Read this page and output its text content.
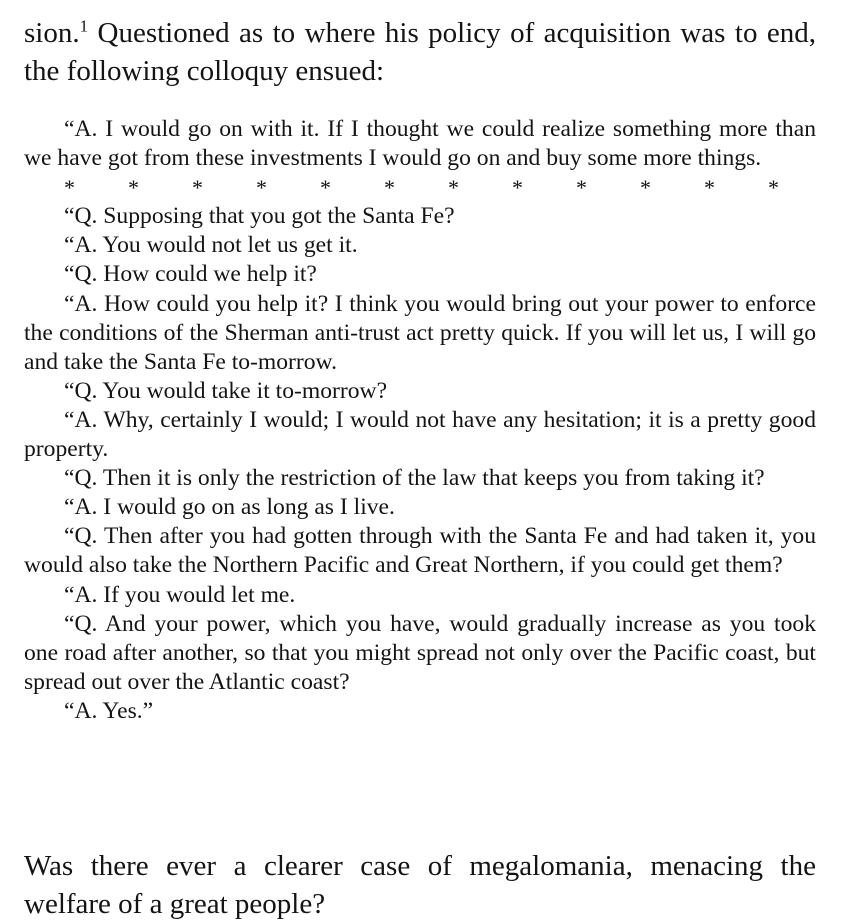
sion.$^1$ Questioned as to where his policy of acquisition was to end, the following colloquy ensued:

“A. I would go on with it. If I thought we could realize something more than we have got from these investments I would go on and buy some more things.

* * * * * * * * * * * *

“Q. Supposing that you got the Santa Fe?

“A. You would not let us get it.

“Q. How could we help it?

“A. How could you help it? I think you would bring out your power to enforce the conditions of the Sherman anti-trust act pretty quick. If you will let us, I will go and take the Santa Fe to-morrow.

“Q. You would take it to-morrow?

“A. Why, certainly I would; I would not have any hesitation; it is a pretty good property.

“Q. Then it is only the restriction of the law that keeps you from taking it?

“A. I would go on as long as I live.

“Q. Then after you had gotten through with the Santa Fe and had taken it, you would also take the Northern Pacific and Great Northern, if you could get them?

“A. If you would let me.

“Q. And your power, which you have, would gradually increase as you took one road after another, so that you might spread not only over the Pacific coast, but spread out over the Atlantic coast?

“A. Yes.”

Was there ever a clearer case of megalomania, menacing the welfare of a great people?
